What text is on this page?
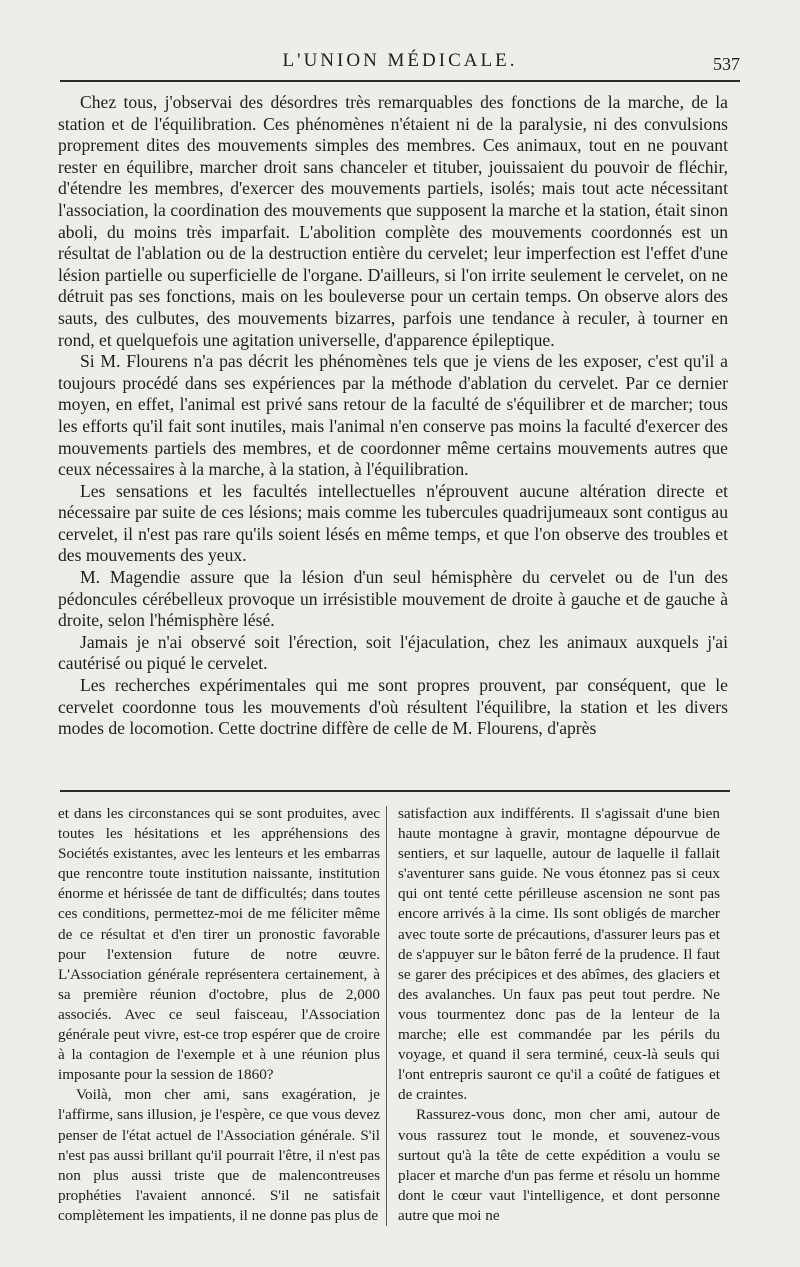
L'UNION MÉDICALE.	537

Chez tous, j'observai des désordres très remarquables des fonctions de la marche, de la station et de l'équilibration. Ces phénomènes n'étaient ni de la paralysie, ni des convulsions proprement dites des mouvements simples des membres. Ces animaux, tout en ne pouvant rester en équilibre, marcher droit sans chanceler et tituber, jouissaient du pouvoir de fléchir, d'étendre les membres, d'exercer des mouvements partiels, isolés; mais tout acte nécessitant l'association, la coordination des mouvements que supposent la marche et la station, était sinon aboli, du moins très imparfait. L'abolition complète des mouvements coordonnés est un résultat de l'ablation ou de la destruction entière du cervelet; leur imperfection est l'effet d'une lésion partielle ou superficielle de l'organe. D'ailleurs, si l'on irrite seulement le cervelet, on ne détruit pas ses fonctions, mais on les bouleverse pour un certain temps. On observe alors des sauts, des culbutes, des mouvements bizarres, parfois une tendance à reculer, à tourner en rond, et quelquefois une agitation universelle, d'apparence épileptique.

Si M. Flourens n'a pas décrit les phénomènes tels que je viens de les exposer, c'est qu'il a toujours procédé dans ses expériences par la méthode d'ablation du cervelet. Par ce dernier moyen, en effet, l'animal est privé sans retour de la faculté de s'équilibrer et de marcher; tous les efforts qu'il fait sont inutiles, mais l'animal n'en conserve pas moins la faculté d'exercer des mouvements partiels des membres, et de coordonner même certains mouvements autres que ceux nécessaires à la marche, à la station, à l'équilibration.

Les sensations et les facultés intellectuelles n'éprouvent aucune altération directe et nécessaire par suite de ces lésions; mais comme les tubercules quadrijumeaux sont contigus au cervelet, il n'est pas rare qu'ils soient lésés en même temps, et que l'on observe des troubles et des mouvements des yeux.

M. Magendie assure que la lésion d'un seul hémisphère du cervelet ou de l'un des pédoncules cérébelleux provoque un irrésistible mouvement de droite à gauche et de gauche à droite, selon l'hémisphère lésé.

Jamais je n'ai observé soit l'érection, soit l'éjaculation, chez les animaux auxquels j'ai cautérisé ou piqué le cervelet.

Les recherches expérimentales qui me sont propres prouvent, par conséquent, que le cervelet coordonne tous les mouvements d'où résultent l'équilibre, la station et les divers modes de locomotion. Cette doctrine diffère de celle de M. Flourens, d'après

et dans les circonstances qui se sont produites, avec toutes les hésitations et les appréhensions des Sociétés existantes, avec les lenteurs et les embarras que rencontre toute institution naissante, institution énorme et hérissée de tant de difficultés; dans toutes ces conditions, permettez-moi de me féliciter même de ce résultat et d'en tirer un pronostic favorable pour l'extension future de notre œuvre. L'Association générale représentera certainement, à sa première réunion d'octobre, plus de 2,000 associés. Avec ce seul faisceau, l'Association générale peut vivre, est-ce trop espérer que de croire à la contagion de l'exemple et à une réunion plus imposante pour la session de 1860?

Voilà, mon cher ami, sans exagération, je l'affirme, sans illusion, je l'espère, ce que vous devez penser de l'état actuel de l'Association générale. S'il n'est pas aussi brillant qu'il pourrait l'être, il n'est pas non plus aussi triste que de malencontreuses prophéties l'avaient annoncé. S'il ne satisfait complètement les impatients, il ne donne pas plus de

satisfaction aux indifférents. Il s'agissait d'une bien haute montagne à gravir, montagne dépourvue de sentiers, et sur laquelle, autour de laquelle il fallait s'aventurer sans guide. Ne vous étonnez pas si ceux qui ont tenté cette périlleuse ascension ne sont pas encore arrivés à la cime. Ils sont obligés de marcher avec toute sorte de précautions, d'assurer leurs pas et de s'appuyer sur le bâton ferré de la prudence. Il faut se garer des précipices et des abîmes, des glaciers et des avalanches. Un faux pas peut tout perdre. Ne vous tourmentez donc pas de la lenteur de la marche; elle est commandée par les périls du voyage, et quand il sera terminé, ceux-là seuls qui l'ont entrepris sauront ce qu'il a coûté de fatigues et de craintes.

Rassurez-vous donc, mon cher ami, autour de vous rassurez tout le monde, et souvenez-vous surtout qu'à la tête de cette expédition a voulu se placer et marche d'un pas ferme et résolu un homme dont le cœur vaut l'intelligence, et dont personne autre que moi ne
